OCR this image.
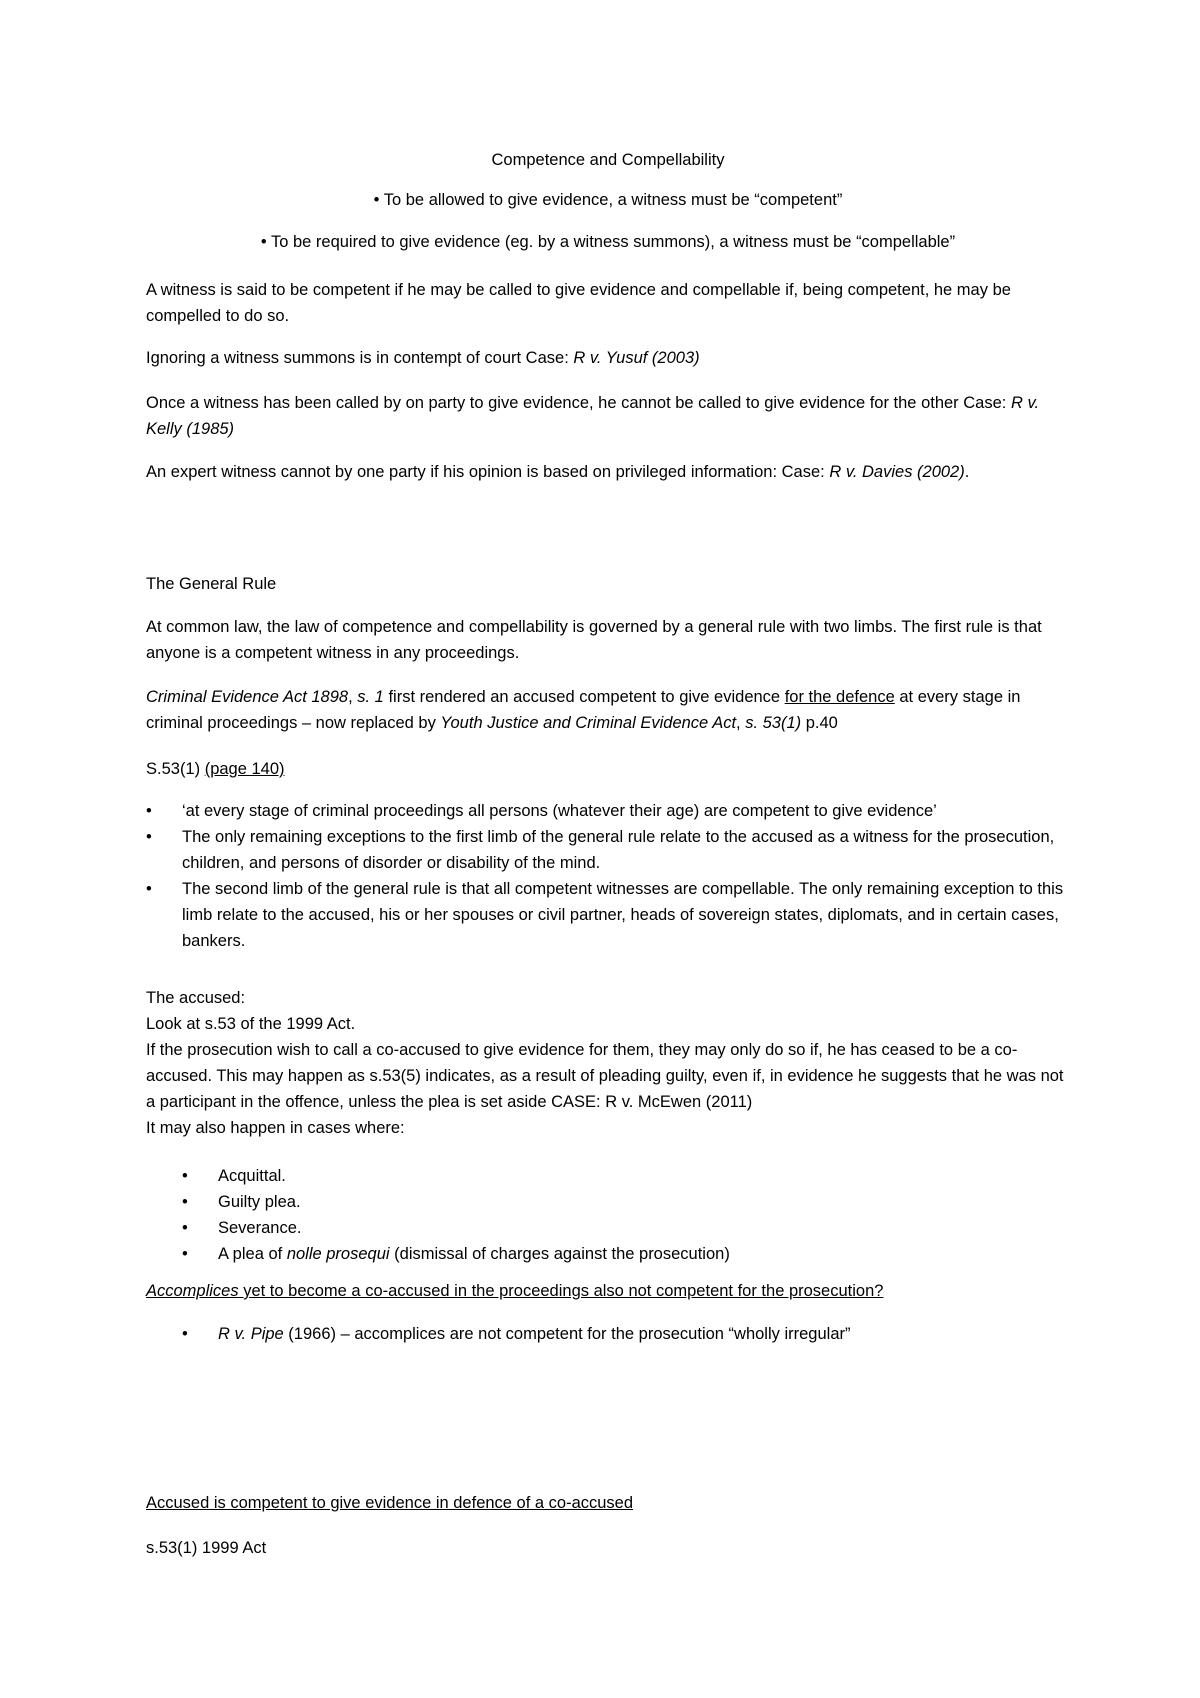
Competence and Compellability

• To be allowed to give evidence, a witness must be “competent”

• To be required to give evidence (eg. by a witness summons), a witness must be “compellable”

A witness is said to be competent if he may be called to give evidence and compellable if, being competent, he may be compelled to do so.

Ignoring a witness summons is in contempt of court Case: R v. Yusuf (2003)

Once a witness has been called by on party to give evidence, he cannot be called to give evidence for the other Case: R v. Kelly (1985)

An expert witness cannot by one party if his opinion is based on privileged information: Case: R v. Davies (2002).

The General Rule

At common law, the law of competence and compellability is governed by a general rule with two limbs. The first rule is that anyone is a competent witness in any proceedings.

Criminal Evidence Act 1898, s. 1 first rendered an accused competent to give evidence for the defence at every stage in criminal proceedings – now replaced by Youth Justice and Criminal Evidence Act, s. 53(1) p.40

S.53(1) (page 140)

•	‘at every stage of criminal proceedings all persons (whatever their age) are competent to give evidence’
•	The only remaining exceptions to the first limb of the general rule relate to the accused as a witness for the prosecution, children, and persons of disorder or disability of the mind.
•	The second limb of the general rule is that all competent witnesses are compellable. The only remaining exception to this limb relate to the accused, his or her spouses or civil partner, heads of sovereign states, diplomats, and in certain cases, bankers.
The accused:
Look at s.53 of the 1999 Act.
If the prosecution wish to call a co-accused to give evidence for them, they may only do so if, he has ceased to be a co-accused. This may happen as s.53(5) indicates, as a result of pleading guilty, even if, in evidence he suggests that he was not a participant in the offence, unless the plea is set aside CASE: R v. McEwen (2011)
It may also happen in cases where:
•	Acquittal.
•	Guilty plea.
•	Severance.
•	A plea of nolle prosequi (dismissal of charges against the prosecution)

Accomplices yet to become a co-accused in the proceedings also not competent for the prosecution?

•	R v. Pipe (1966) – accomplices are not competent for the prosecution “wholly irregular”

Accused is competent to give evidence in defence of a co-accused

s.53(1) 1999 Act
